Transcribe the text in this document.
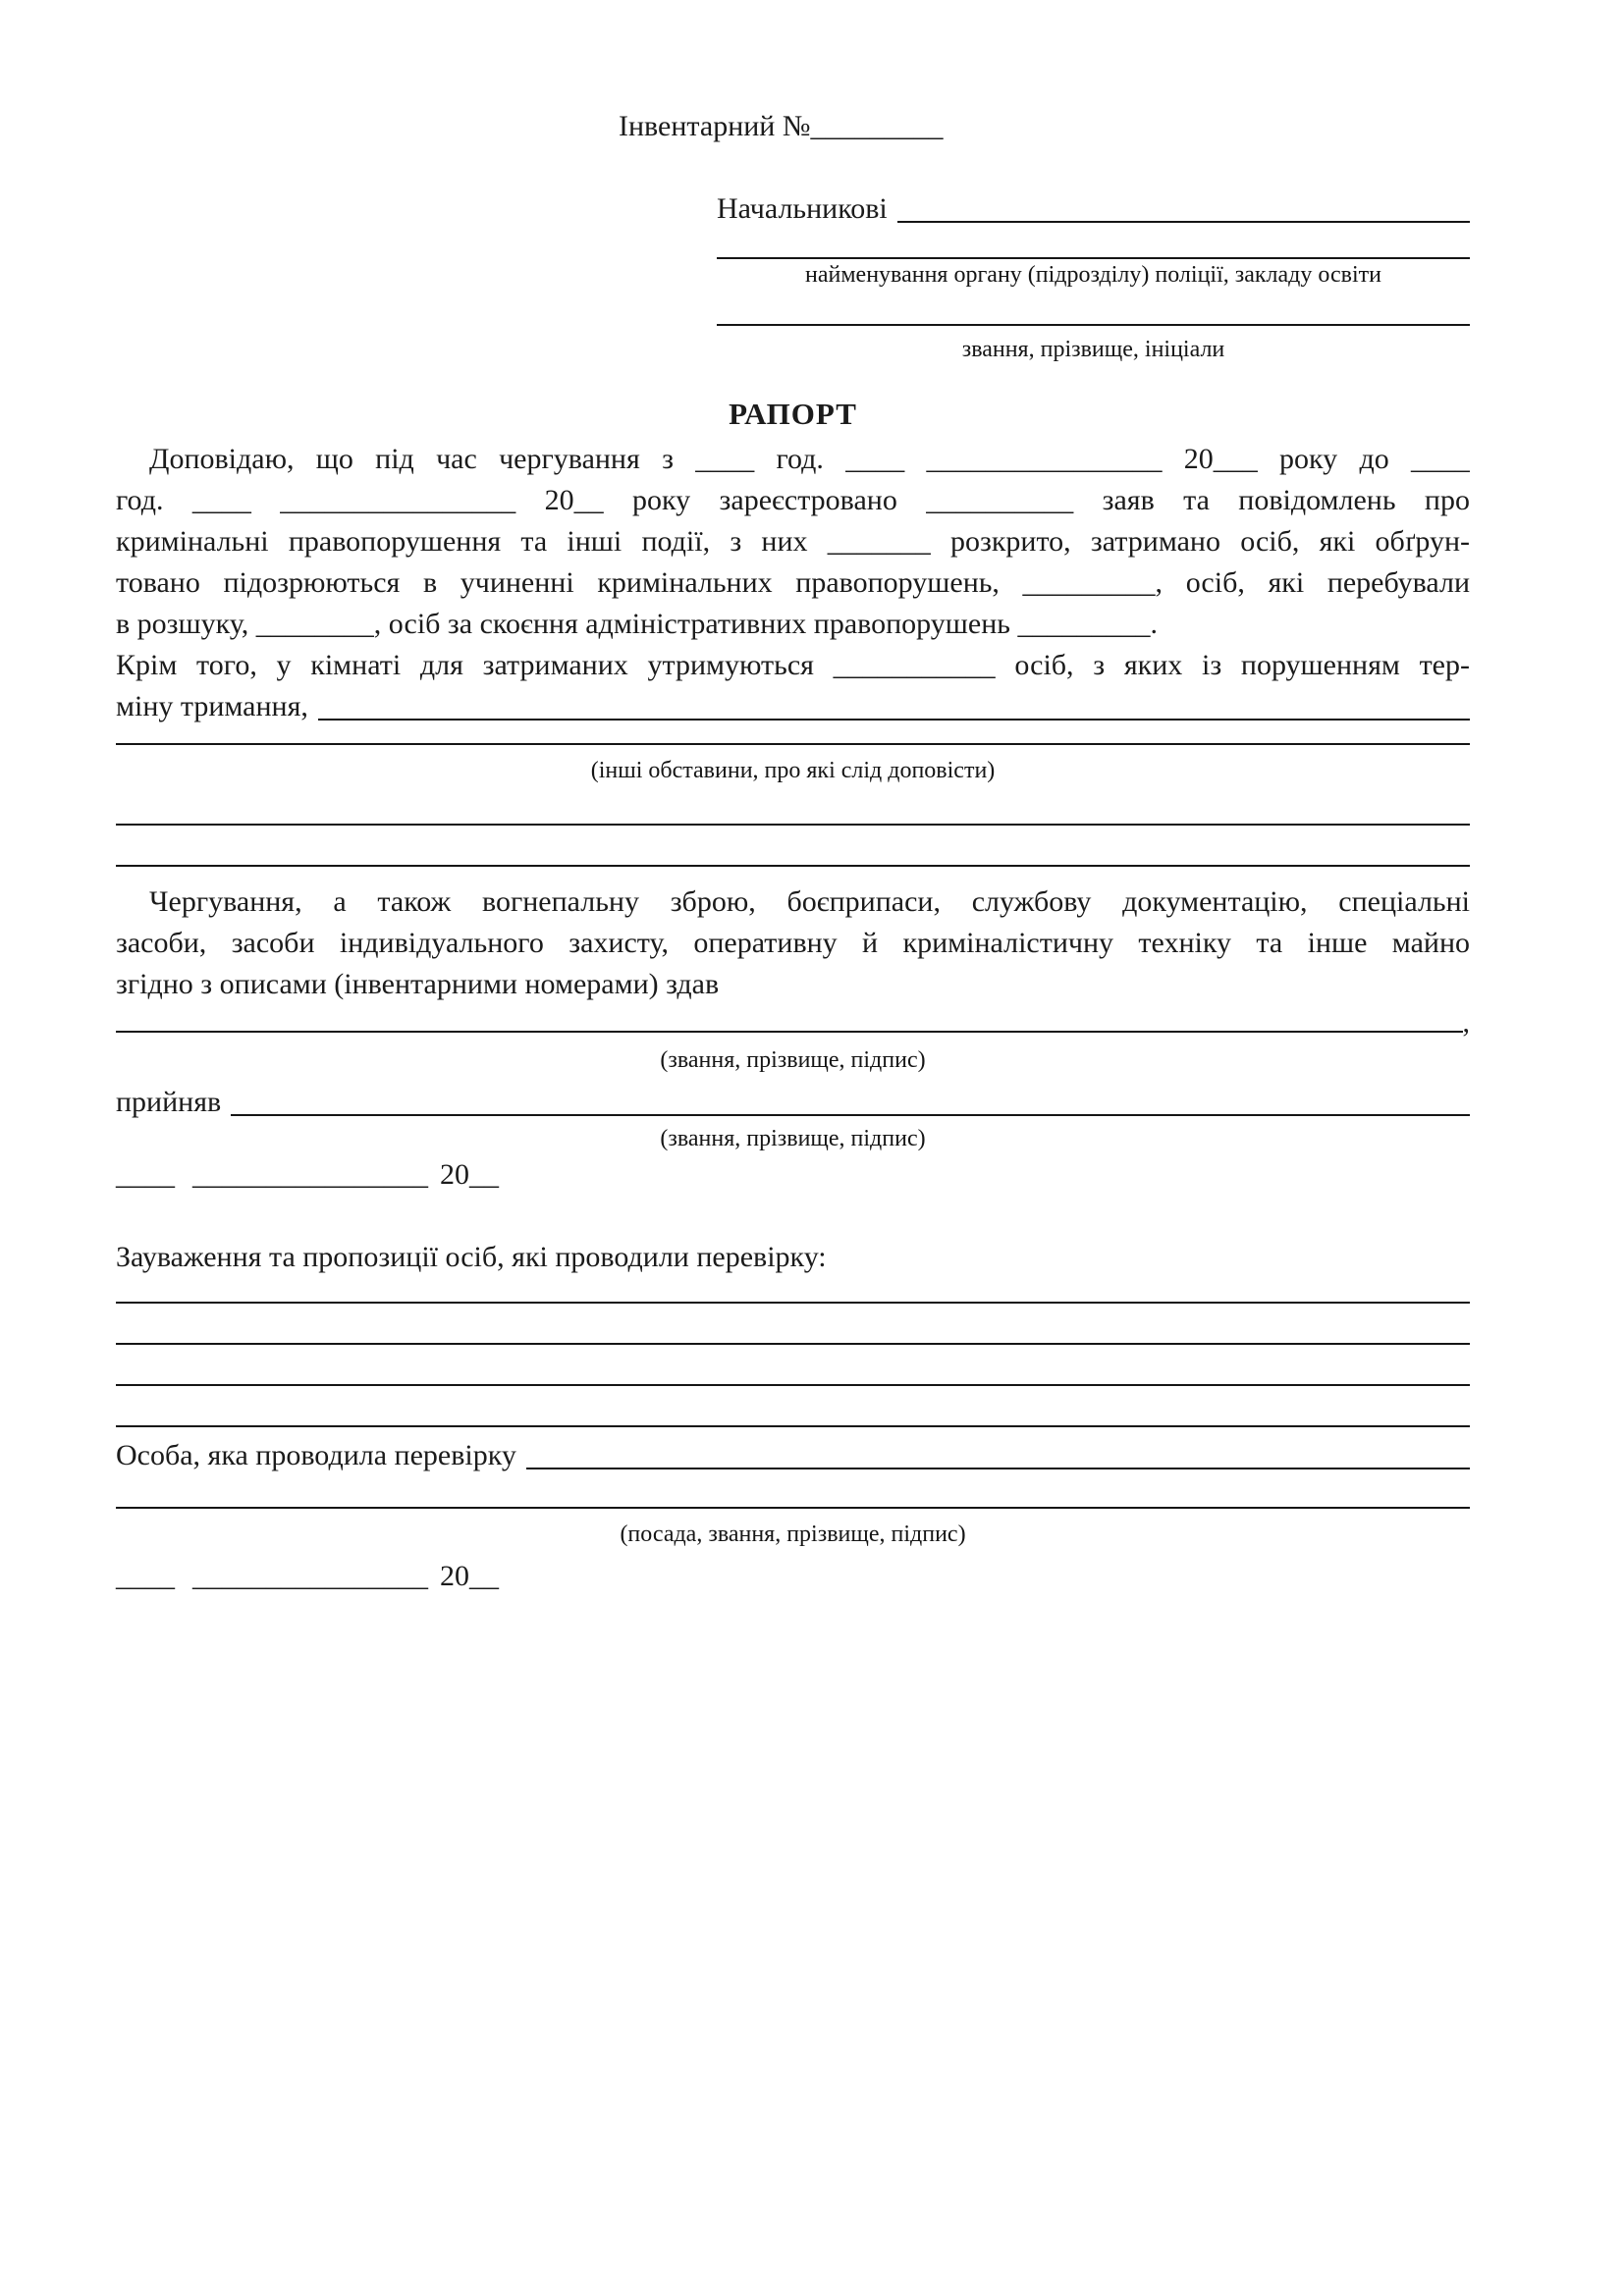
Інвентарний №_________
Начальникові
найменування органу (підрозділу) поліції, закладу освіти
звання, прізвище, ініціали
РАПОРТ
Доповідаю, що під час чергування з ____ год. ____ ________________ 20___ року до ____
год. ____ ________________ 20__ року зареєстровано __________ заяв та повідомлень про
кримінальні правопорушення та інші події, з них _______ розкрито, затримано осіб, які обґрун-
товано підозрюються в учиненні кримінальних правопорушень, _________, осіб, які перебували
в розшуку, ________, осіб за скоєння адміністративних правопорушень _________.
Крім того, у кімнаті для затриманих утримуються ___________ осіб, з яких із порушенням тер-
міну тримання,
(інші обставини, про які слід доповісти)
Чергування, а також вогнепальну зброю, боєприпаси, службову документацію, спеціальні
засоби, засоби індивідуального захисту, оперативну й криміналістичну техніку та інше майно
згідно з описами (інвентарними номерами) здав
,
(звання, прізвище, підпис)
прийняв
(звання, прізвище, підпис)
____ ________________ 20__
Зауваження та пропозиції осіб, які проводили перевірку:
Особа, яка проводила перевірку
(посада, звання, прізвище, підпис)
____ ________________ 20__
